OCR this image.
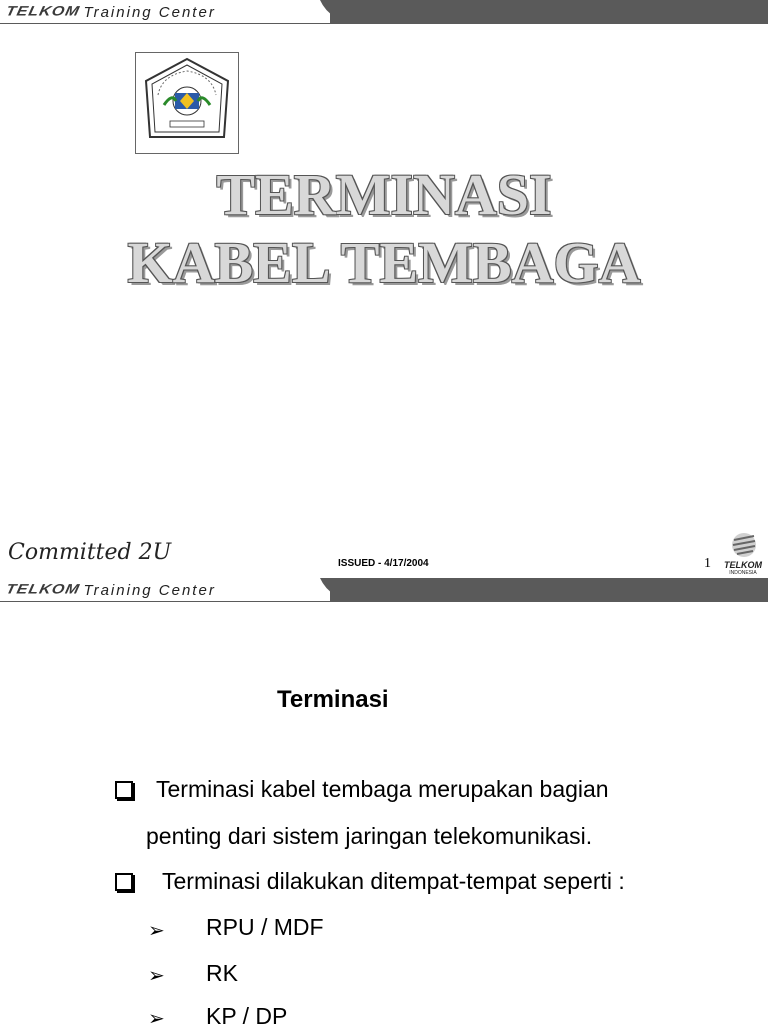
TELKOM Training Center
TERMINASI
KABEL TEMBAGA
Committed 2U	ISSUED - 4/17/2004	1 TELKOM
INDONESIA
TELKOM Training Center
Terminasi
Terminasi kabel tembaga merupakan bagian
penting dari sistem jaringan telekomunikasi.
Terminasi dilakukan ditempat-tempat seperti :
➢ RPU / MDF
➢ RK
➢ KP / DP
